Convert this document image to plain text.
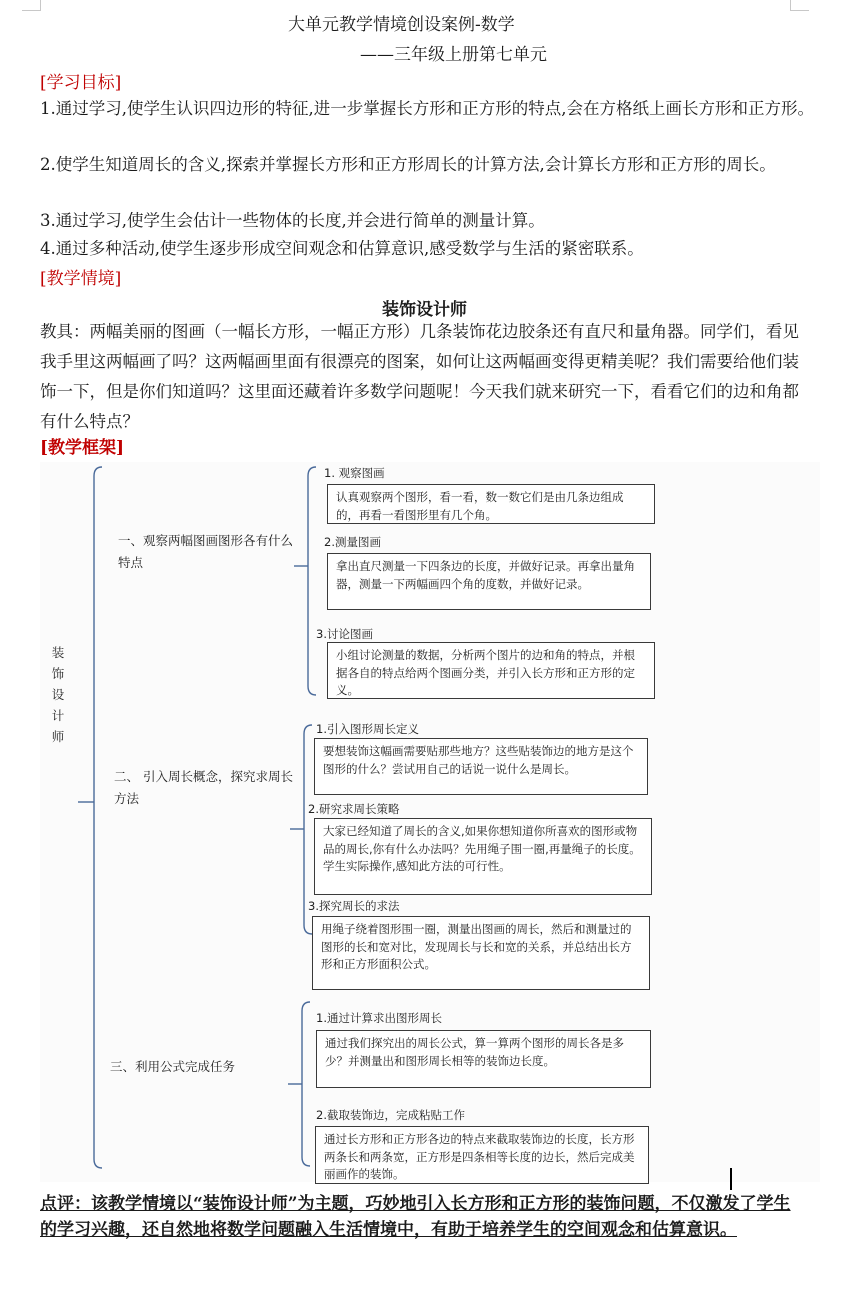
大单元教学情境创设案例-数学
——三年级上册第七单元
[学习目标]

1.通过学习,使学生认识四边形的特征,进一步掌握长方形和正方形的特点,会在方格纸上画长方形和正方形。

2.使学生知道周长的含义,探索并掌握长方形和正方形周长的计算方法,会计算长方形和正方形的周长。

3.通过学习,使学生会估计一些物体的长度,并会进行简单的测量计算。

4.通过多种活动,使学生逐步形成空间观念和估算意识,感受数学与生活的紧密联系。

[教学情境]
装饰设计师

教具：两幅美丽的图画（一幅长方形，一幅正方形）几条装饰花边胶条还有直尺和量角器。同学们，看见我手里这两幅画了吗？这两幅画里面有很漂亮的图案，如何让这两幅画变得更精美呢？我们需要给他们装饰一下，但是你们知道吗？这里面还藏着许多数学问题呢！今天我们就来研究一下，看看它们的边和角都有什么特点？

[教学框架]
装饰设计师
一、观察两幅图画图形各有什么特点
1. 观察图画
认真观察两个图形，看一看，数一数它们是由几条边组成的，再看一看图形里有几个角。
2.测量图画
拿出直尺测量一下四条边的长度，并做好记录。再拿出量角器，测量一下两幅画四个角的度数，并做好记录。
3.讨论图画
小组讨论测量的数据，分析两个图片的边和角的特点，并根据各自的特点给两个图画分类，并引入长方形和正方形的定义。
二、 引入周长概念，探究求周长方法
1.引入图形周长定义
要想装饰这幅画需要贴那些地方？这些贴装饰边的地方是这个图形的什么？尝试用自己的话说一说什么是周长。
2.研究求周长策略
大家已经知道了周长的含义,如果你想知道你所喜欢的图形或物品的周长,你有什么办法吗？先用绳子围一圈,再量绳子的长度。学生实际操作,感知此方法的可行性。
3.探究周长的求法
用绳子绕着图形围一圈，测量出图画的周长，然后和测量过的图形的长和宽对比，发现周长与长和宽的关系，并总结出长方形和正方形面积公式。
三、利用公式完成任务
1.通过计算求出图形周长
通过我们探究出的周长公式，算一算两个图形的周长各是多少？并测量出和图形周长相等的装饰边长度。
2.截取装饰边，完成粘贴工作
通过长方形和正方形各边的特点来截取装饰边的长度，长方形两条长和两条宽，正方形是四条相等长度的边长，然后完成美丽画作的装饰。

点评：该教学情境以“装饰设计师”为主题，巧妙地引入长方形和正方形的装饰问题，不仅激发了学生的学习兴趣，还自然地将数学问题融入生活情境中，有助于培养学生的空间观念和估算意识。
